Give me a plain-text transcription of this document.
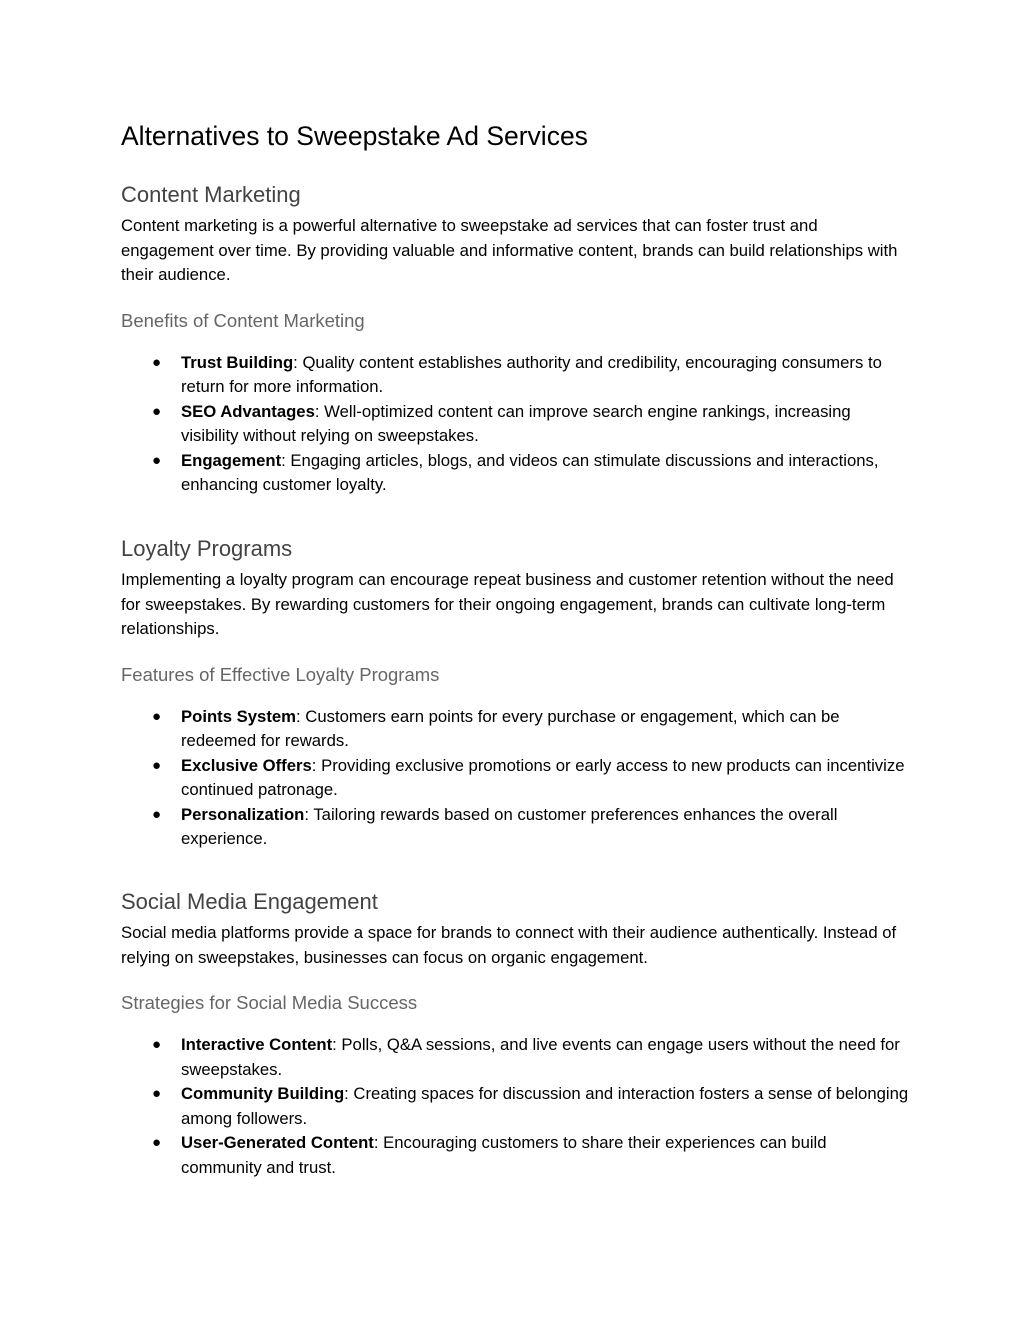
Alternatives to Sweepstake Ad Services
Content Marketing

Content marketing is a powerful alternative to sweepstake ad services that can foster trust and engagement over time. By providing valuable and informative content, brands can build relationships with their audience.

Benefits of Content Marketing
● Trust Building: Quality content establishes authority and credibility, encouraging consumers to return for more information.
● SEO Advantages: Well-optimized content can improve search engine rankings, increasing visibility without relying on sweepstakes.
● Engagement: Engaging articles, blogs, and videos can stimulate discussions and interactions, enhancing customer loyalty.
Loyalty Programs

Implementing a loyalty program can encourage repeat business and customer retention without the need for sweepstakes. By rewarding customers for their ongoing engagement, brands can cultivate long-term relationships.

Features of Effective Loyalty Programs
● Points System: Customers earn points for every purchase or engagement, which can be redeemed for rewards.
● Exclusive Offers: Providing exclusive promotions or early access to new products can incentivize continued patronage.
● Personalization: Tailoring rewards based on customer preferences enhances the overall experience.
Social Media Engagement

Social media platforms provide a space for brands to connect with their audience authentically. Instead of relying on sweepstakes, businesses can focus on organic engagement.

Strategies for Social Media Success
● Interactive Content: Polls, Q&A sessions, and live events can engage users without the need for sweepstakes.
● Community Building: Creating spaces for discussion and interaction fosters a sense of belonging among followers.
● User-Generated Content: Encouraging customers to share their experiences can build community and trust.
